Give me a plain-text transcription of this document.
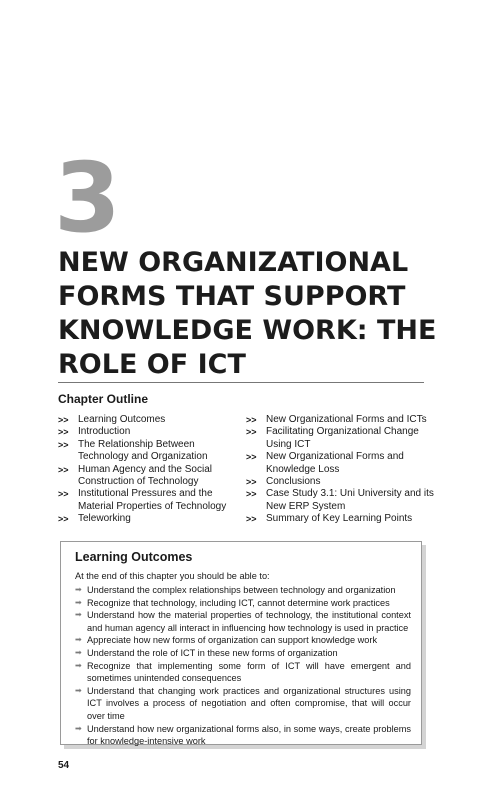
3
NEW ORGANIZATIONAL FORMS THAT SUPPORT KNOWLEDGE WORK: THE ROLE OF ICT
Chapter Outline
>> Learning Outcomes
>> Introduction
>> The Relationship Between Technology and Organization
>> Human Agency and the Social Construction of Technology
>> Institutional Pressures and the Material Properties of Technology
>> Teleworking
>> New Organizational Forms and ICTs
>> Facilitating Organizational Change Using ICT
>> New Organizational Forms and Knowledge Loss
>> Conclusions
>> Case Study 3.1: Uni University and its New ERP System
>> Summary of Key Learning Points
Learning Outcomes

At the end of this chapter you should be able to:

➡ Understand the complex relationships between technology and organization
➡ Recognize that technology, including ICT, cannot determine work practices
➡ Understand how the material properties of technology, the institutional context and human agency all interact in influencing how technology is used in practice
➡ Appreciate how new forms of organization can support knowledge work
➡ Understand the role of ICT in these new forms of organization
➡ Recognize that implementing some form of ICT will have emergent and sometimes unintended consequences
➡ Understand that changing work practices and organizational structures using ICT involves a process of negotiation and often compromise, that will occur over time
➡ Understand how new organizational forms also, in some ways, create problems for knowledge-intensive work
54
